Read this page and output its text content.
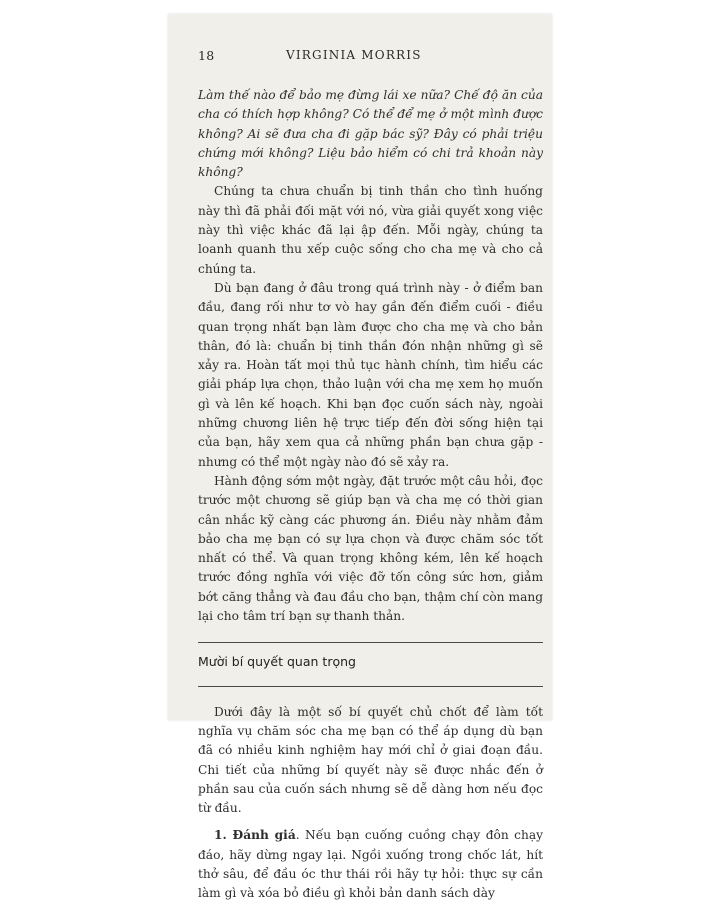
18	VIRGINIA MORRIS

Làm thế nào để bảo mẹ đừng lái xe nữa? Chế độ ăn của cha có thích hợp không? Có thể để mẹ ở một mình được không? Ai sẽ đưa cha đi gặp bác sỹ? Đây có phải triệu chứng mới không? Liệu bảo hiểm có chi trả khoản này không?

Chúng ta chưa chuẩn bị tinh thần cho tình huống này thì đã phải đối mặt với nó, vừa giải quyết xong việc này thì việc khác đã lại ập đến. Mỗi ngày, chúng ta loanh quanh thu xếp cuộc sống cho cha mẹ và cho cả chúng ta.

Dù bạn đang ở đâu trong quá trình này - ở điểm ban đầu, đang rối như tơ vò hay gần đến điểm cuối - điều quan trọng nhất bạn làm được cho cha mẹ và cho bản thân, đó là: chuẩn bị tinh thần đón nhận những gì sẽ xảy ra. Hoàn tất mọi thủ tục hành chính, tìm hiểu các giải pháp lựa chọn, thảo luận với cha mẹ xem họ muốn gì và lên kế hoạch. Khi bạn đọc cuốn sách này, ngoài những chương liên hệ trực tiếp đến đời sống hiện tại của bạn, hãy xem qua cả những phần bạn chưa gặp - nhưng có thể một ngày nào đó sẽ xảy ra.

Hành động sớm một ngày, đặt trước một câu hỏi, đọc trước một chương sẽ giúp bạn và cha mẹ có thời gian cân nhắc kỹ càng các phương án. Điều này nhằm đảm bảo cha mẹ bạn có sự lựa chọn và được chăm sóc tốt nhất có thể. Và quan trọng không kém, lên kế hoạch trước đồng nghĩa với việc đỡ tốn công sức hơn, giảm bớt căng thẳng và đau đầu cho bạn, thậm chí còn mang lại cho tâm trí bạn sự thanh thản.

Mười bí quyết quan trọng

Dưới đây là một số bí quyết chủ chốt để làm tốt nghĩa vụ chăm sóc cha mẹ bạn có thể áp dụng dù bạn đã có nhiều kinh nghiệm hay mới chỉ ở giai đoạn đầu. Chi tiết của những bí quyết này sẽ được nhắc đến ở phần sau của cuốn sách nhưng sẽ dễ dàng hơn nếu đọc từ đầu.

1. Đánh giá. Nếu bạn cuống cuồng chạy đôn chạy đáo, hãy dừng ngay lại. Ngồi xuống trong chốc lát, hít thở sâu, để đầu óc thư thái rồi hãy tự hỏi: thực sự cần làm gì và xóa bỏ điều gì khỏi bản danh sách dày
